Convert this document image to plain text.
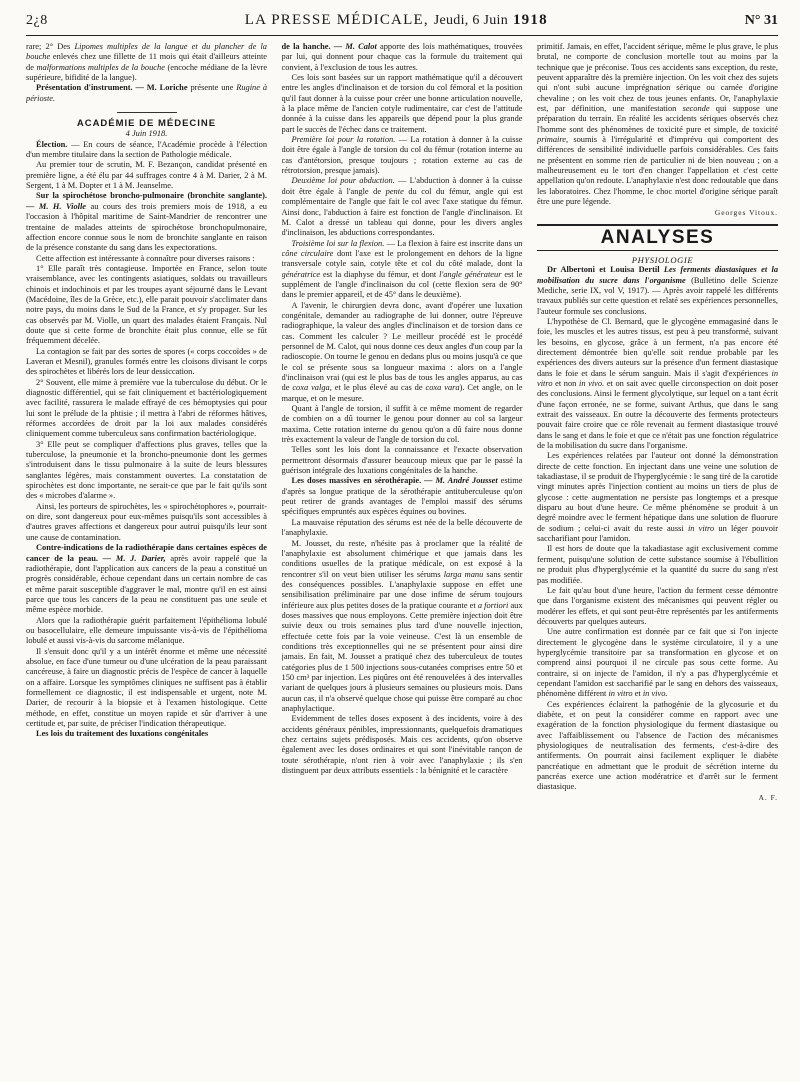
2¿8	LA PRESSE MÉDICALE, Jeudi, 6 Juin 1918	N° 31

rare; 2° Des Lipomes multiples de la langue et du plancher de la bouche enlevés chez une fillette de 11 mois qui était d'ailleurs atteinte de malformations multiples de la bouche (encoche médiane de la lèvre supérieure, bifidité de la langue).

Présentation d'instrument. — M. Loriche présente une Rugine à périoste.

ACADÉMIE DE MÉDECINE

4 Juin 1918.

Élection. — En cours de séance, l'Académie procède à l'élection d'un membre titulaire dans la section de Pathologie médicale.

Au premier tour de scrutin, M. F. Bezançon, candidat présenté en première ligne, a été élu par 44 suffrages contre 4 à M. Darier, 2 à M. Sergent, 1 à M. Dopter et 1 à M. Jeanselme.

Sur la spirochétose broncho-pulmonaire (bronchite sanglante). — M. H. Violle au cours des trois premiers mois de 1918, a eu l'occasion à l'hôpital maritime de Saint-Mandrier de rencontrer une trentaine de malades atteints de spirochétose bronchopulmonaire, affection encore connue sous le nom de bronchite sanglante en raison de la présence constante du sang dans les expectorations.

Cette affection est intéressante à connaître pour diverses raisons :

1° Elle paraît très contagieuse. Importée en France, selon toute vraisemblance, avec les contingents asiatiques, soldats ou travailleurs chinois et indochinois et par les troupes ayant séjourné dans le Levant (Macédoine, îles de la Grèce, etc.), elle parait pouvoir s'acclimater dans notre pays, du moins dans le Sud de la France, et s'y propager. Sur les cas observés par M. Violle, un quart des malades étaient Français. Nul doute que si cette forme de bronchite était plus connue, elle se fût fréquemment décelée.

La contagion se fait par des sortes de spores (« corps coccoïdes » de Laveran et Mesnil), granules formés entre les cloisons divisant le corps des spirochètes et libérés lors de leur dessiccation.

2° Souvent, elle mime à première vue la tuberculose du début. Or le diagnostic différentiel, qui se fait cliniquement et bactériologiquement avec facilité, rassurera le malade effrayé de ces hémoptysies qui pour lui sont le prélude de la phtisie ; il mettra à l'abri de réformes hâtives, réformes accordées de droit par la loi aux malades considérés cliniquement comme tuberculeux sans confirmation bactériologique.

3° Elle peut se compliquer d'affections plus graves, telles que la tuberculose, la pneumonie et la broncho-pneumonie dont les germes s'introduisent dans le tissu pulmonaire à la suite de leurs blessures sanglantes légères, mais constamment ouvertes. La constatation de spirochètes est donc importante, ne serait-ce que par le fait qu'ils sont des « microbes d'alarme ».

Ainsi, les porteurs de spirochètes, les « spirochétophores », pourrait-on dire, sont dangereux pour eux-mêmes puisqu'ils sont accessibles à d'autres graves affections et dangereux pour autrui puisqu'ils leur sont une cause de contamination.

Contre-indications de la radiothérapie dans certaines espèces de cancer de la peau. — M. J. Darier, après avoir rappelé que la radiothérapie, dont l'application aux cancers de la peau a constitué un progrès considérable, échoue cependant dans un certain nombre de cas et même parait susceptible d'aggraver le mal, montre qu'il en est ainsi parce que tous les cancers de la peau ne constituent pas une seule et même espèce morbide.

Alors que la radiothérapie guérit parfaitement l'épithélioma lobulé ou basocellulaire, elle demeure impuissante vis-à-vis de l'épithélioma lobulé et aussi vis-à-vis du sarcome mélanique.

Il s'ensuit donc qu'il y a un intérêt énorme et même une nécessité absolue, en face d'une tumeur ou d'une ulcération de la peau paraissant cancéreuse, à faire un diagnostic précis de l'espèce de cancer à laquelle on a affaire. Lorsque les symptômes cliniques ne suffisent pas à établir formellement ce diagnostic, il est indispensable et urgent, note M. Darier, de recourir à la biopsie et à l'examen histologique. Cette méthode, en effet, constitue un moyen rapide et sûr d'arriver à une certitude et, par suite, de préciser l'indication thérapeutique.

Les lois du traitement des luxations congénitales

de la hanche. — M. Calot apporte des lois mathématiques, trouvées par lui, qui donnent pour chaque cas la formule du traitement qui convient, à l'exclusion de tous les autres.

Ces lois sont basées sur un rapport mathématique qu'il a découvert entre les angles d'inclinaison et de torsion du col fémoral et la position qu'il faut donner à la cuisse pour créer une bonne articulation nouvelle, à la place même de l'ancien cotyle rudimentaire, car c'est de l'attitude donnée à la cuisse dans les appareils que dépend pour la plus grande part le succès de l'échec dans ce traitement.

Première loi pour la rotation. — La rotation à donner à la cuisse doit être égale à l'angle de torsion du col du fémur (rotation interne au cas d'antétorsion, presque toujours ; rotation externe au cas de rétrotorsion, presque jamais).

Deuxième loi pour abduction. — L'abduction à donner à la cuisse doit être égale à l'angle de pente du col du fémur, angle qui est complémentaire de l'angle que fait le col avec l'axe statique du fémur. Ainsi donc, l'abduction à faire est fonction de l'angle d'inclinaison. Et M. Calot a dressé un tableau qui donne, pour les divers angles d'inclinaison, les abductions correspondantes.

Troisième loi sur la flexion. — La flexion à faire est inscrite dans un cône circulaire dont l'axe est le prolongement en dehors de la ligne transversale cotyle sain, cotyle tête et col du côté malade, dont la génératrice est la diaphyse du fémur, et dont l'angle générateur est le supplément de l'angle d'inclinaison du col (cette flexion sera de 90° dans le premier appareil, et de 45° dans le deuxième).

A l'avenir, le chirurgien devra donc, avant d'opérer une luxation congénitale, demander au radiographe de lui donner, outre l'épreuve radiographique, la valeur des angles d'inclinaison et de torsion dans ce cas. Comment les calculer ? Le meilleur procédé est le procédé personnel de M. Calot, qui nous donne ces deux angles d'un coup par la radioscopie. On tourne le genou en dedans plus ou moins jusqu'à ce que le col se présente sous sa longueur maxima : alors on a l'angle d'inclinaison vrai (qui est le plus bas de tous les angles apparus, au cas de coxa valga, et le plus élevé au cas de coxa vara). Cet angle, on le marque, et on le mesure.

Quant à l'angle de torsion, il suffit à ce même moment de regarder de combien on a dû tourner le genou pour donner au col sa largeur maxima. Cette rotation interne du genou qu'on a dû faire nous donne très exactement la valeur de l'angle de torsion du col.

Telles sont les lois dont la connaissance et l'exacte observation permettront désormais d'assurer beaucoup mieux que par le passé la guérison intégrale des luxations congénitales de la hanche.

Les doses massives en sérothérapie. — M. André Jousset estime d'après sa longue pratique de la sérothérapie antituberculeuse qu'on peut retirer de grands avantages de l'emploi massif des sérums spécifiques empruntés aux espèces équines ou bovines.

La mauvaise réputation des sérums est née de la belle découverte de l'anaphylaxie.

M. Jousset, du reste, n'hésite pas à proclamer que la réalité de l'anaphylaxie est absolument chimérique et que jamais dans les conditions usuelles de la pratique médicale, on est exposé à la rencontrer s'il on veut bien utiliser les sérums larga manu sans sentir des conséquences possibles. L'anaphylaxie suppose en effet une sensibilisation préliminaire par une dose infime de sérum toujours inférieure aux plus petites doses de la pratique courante et a fortiori aux doses massives que nous employons. Cette première injection doit être suivie deux ou trois semaines plus tard d'une nouvelle injection, effectuée cette fois par la voie veineuse. C'est là un ensemble de conditions très exceptionnelles qui ne se présentent pour ainsi dire jamais. En fait, M. Jousset a pratiqué chez des tuberculeux de toutes catégories plus de 1 500 injections sous-cutanées comprises entre 50 et 150 cm³ par injection. Les piqûres ont été renouvelées à des intervalles variant de quelques jours à plusieurs semaines ou plusieurs mois. Dans aucun cas, il n'a observé quelque chose qui puisse être comparé au choc anaphylactique.

Evidemment de telles doses exposent à des incidents, voire à des accidents généraux pénibles, impressionnants, quelquefois dramatiques chez certains sujets prédisposés. Mais ces accidents, qu'on observe également avec les doses ordinaires et qui sont l'inévitable rançon de toute sérothérapie, n'ont rien à voir avec l'anaphylaxie ; ils s'en distinguent par deux attributs essentiels : la bénignité et le caractère

primitif. Jamais, en effet, l'accident sérique, même le plus grave, le plus brutal, ne comporte de conclusion mortelle tout au moins par la technique que je préconise. Tous ces accidents sans exception, du reste, peuvent apparaître dès la première injection. On les voit chez des sujets qui n'ont subi aucune imprégnation sérique ou carnée d'origine chevaline ; on les voit chez de tous jeunes enfants. Or, l'anaphylaxie est, par définition, une manifestation seconde qui suppose une préparation du terrain. En réalité les accidents sériques observés chez l'homme sont des phénomènes de toxicité pure et simple, de toxicité primaire, soumis à l'irrégularité et d'imprévu qui comportent des différences de sensibilité individuelle parfois considérables. Ces faits ne présentent en somme rien de particulier ni de bien nouveau ; on a malheureusement eu le tort d'en changer l'appellation et c'est cette appellation qu'on redoute. L'anaphylaxie n'est donc redoutable que dans les laboratoires. Chez l'homme, le choc mortel d'origine sérique paraît être une pure légende.

Georges Vitoux.

ANALYSES

PHYSIOLOGIE

Dr Albertoni et Louisa Dertil Les ferments diastasiques et la mobilisation du sucre dans l'organisme (Bulletino delle Scienze Mediche, serie IX, vol V, 1917). — Après avoir rappelé les différents travaux publiés sur cette question et relaté ses expériences personnelles, l'auteur formule ses conclusions.

L'hypothèse de Cl. Bernard, que le glycogène emmagasiné dans le foie, les muscles et les autres tissus, est peu à peu transformé, suivant les besoins, en glycose, grâce à un ferment, n'a pas encore été directement démontrée bien qu'elle soit rendue probable par les expériences des divers auteurs sur la présence d'un ferment diastasique dans le foie et dans le sérum sanguin. Mais il s'agit d'expériences in vitro et non in vivo. et on sait avec quelle circonspection on doit poser des conclusions. Ainsi le ferment glycolytique, sur lequel on a tant écrit d'une façon erronée, ne se forme, suivant Arthus, que dans le sang extrait des vaisseaux. En outre la découverte des ferments protecteurs pouvait faire croire que ce rôle revenait au ferment diastasique trouvé dans le sang et dans le foie et que ce n'était pas une fonction régulatrice de la mobilisation du sucre dans l'organisme.

Les expériences relatées par l'auteur ont donné la démonstration directe de cette fonction. En injectant dans une veine une solution de takadiastase, il se produit de l'hyperglycémie : le sang tiré de la carotide vingt minutes après l'injection contient au moins un tiers de plus de glycose : cette augmentation ne persiste pas longtemps et a presque disparu au bout d'une heure. Ce même phénomène se produit à un degré moindre avec le ferment hépatique dans une solution de fluorure de sodium ; celui-ci avait du reste aussi in vitro un léger pouvoir saccharifiant pour l'amidon.

Il est hors de doute que la takadiastase agit exclusivement comme ferment, puisqu'une solution de cette substance soumise à l'ébullition ne produit plus d'hyperglycémie et la quantité du sucre du sang n'est pas modifiée.

Le fait qu'au bout d'une heure, l'action du ferment cesse démontre que dans l'organisme existent des mécanismes qui peuvent régler ou modérer les effets, et qui sont peut-être représentés par les antiferments découverts par quelques auteurs.

Une autre confirmation est donnée par ce fait que si l'on injecte directement le glycogène dans le système circulatoire, il y a une hyperglycémie transitoire par sa transformation en glycose et on comprend ainsi pourquoi il ne circule pas sous cette forme. Au contraire, si on injecte de l'amidon, il n'y a pas d'hyperglycémie et cependant l'amidon est saccharifié par le sang en dehors des vaisseaux, phénomène différent in vitro et in vivo.

Ces expériences éclairent la pathogénie de la glycosurie et du diabète, et on peut la considérer comme en rapport avec une exagération de la fonction physiologique du ferment diastasique ou avec l'affaiblissement ou l'absence de l'action des mécanismes physiologiques de neutralisation des ferments, c'est-à-dire des antiferments. On pourrait ainsi facilement expliquer le diabète pancréatique en admettant que le produit de sécrétion interne du pancréas exerce une action modératrice et d'arrêt sur le ferment diastasique.

A. F.
